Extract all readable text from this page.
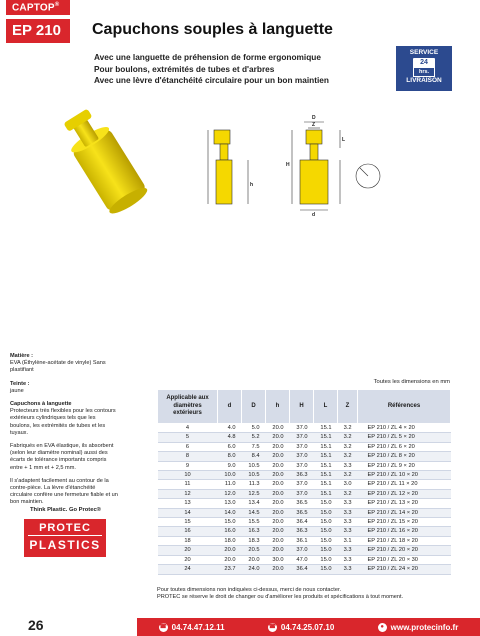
CAPTOP®
EP 210	Capuchons souples à languette
Avec une languette de préhension de forme ergonomique
Pour boulons, extrémités de tubes et d'arbres
Avec une lèvre d'étanchéité circulaire pour un bon maintien
SERVICE
24
hrs.
LIVRAISON
D
Z
L
H
h
d

Matière :
EVA (Éthylène-acétate de vinyle) Sans plastifiant

Teinte :
jaune

Capuchons à languette
Protecteurs très flexibles pour les contours extérieurs cylindriques tels que les boulons, les extrémités de tubes et les tuyaux.

Fabriqués en EVA élastique, ils absorbent (selon leur diamètre nominal) aussi des écarts de tolérance importants compris entre + 1 mm et + 2,5 mm.

Il s'adaptent facilement au contour de la contre-pièce. La lèvre d'étanchéité circulaire confère une fermeture fiable et un bon maintien.

Think Plastic. Go Protec®
PROTEC
PLASTICS
Toutes les dimensions en mm
Applicable aux diamètres extérieurs	d	D	h	H	L	Z	Références
4	4.0	5.0	20.0	37.0	15.1	3.2	EP 210 / ZL 4 × 20
5	4.8	5.2	20.0	37.0	15.1	3.2	EP 210 / ZL 5 × 20
6	6.0	7.5	20.0	37.0	15.1	3.2	EP 210 / ZL 6 × 20
8	8.0	8.4	20.0	37.0	15.1	3.2	EP 210 / ZL 8 × 20
9	9.0	10.5	20.0	37.0	15.1	3.3	EP 210 / ZL 9 × 20
10	10.0	10.5	20.0	36.3	15.1	3.2	EP 210 / ZL 10 × 20
11	11.0	11.3	20.0	37.0	15.1	3.0	EP 210 / ZL 11 × 20
12	12.0	12.5	20.0	37.0	15.1	3.2	EP 210 / ZL 12 × 20
13	13.0	13.4	20.0	36.5	15.0	3.3	EP 210 / ZL 13 × 20
14	14.0	14.5	20.0	36.5	15.0	3.3	EP 210 / ZL 14 × 20
15	15.0	15.5	20.0	36.4	15.0	3.3	EP 210 / ZL 15 × 20
16	16.0	16.3	20.0	36.3	15.0	3.3	EP 210 / ZL 16 × 20
18	18.0	18.3	20.0	36.1	15.0	3.1	EP 210 / ZL 18 × 20
20	20.0	20.5	20.0	37.0	15.0	3.3	EP 210 / ZL 20 × 20
20	20.0	20.0	30.0	47.0	15.0	3.3	EP 210 / ZL 20 × 30
24	23.7	24.0	20.0	36.4	15.0	3.3	EP 210 / ZL 24 × 20
Pour toutes dimensions non indiquées ci-dessus, merci de nous contacter.
PROTEC se réserve le droit de changer ou d'améliorer les produits et spécifications à tout moment.
26	☎ 04.74.47.12.11	☎ 04.74.25.07.10	● www.protecinfo.fr
